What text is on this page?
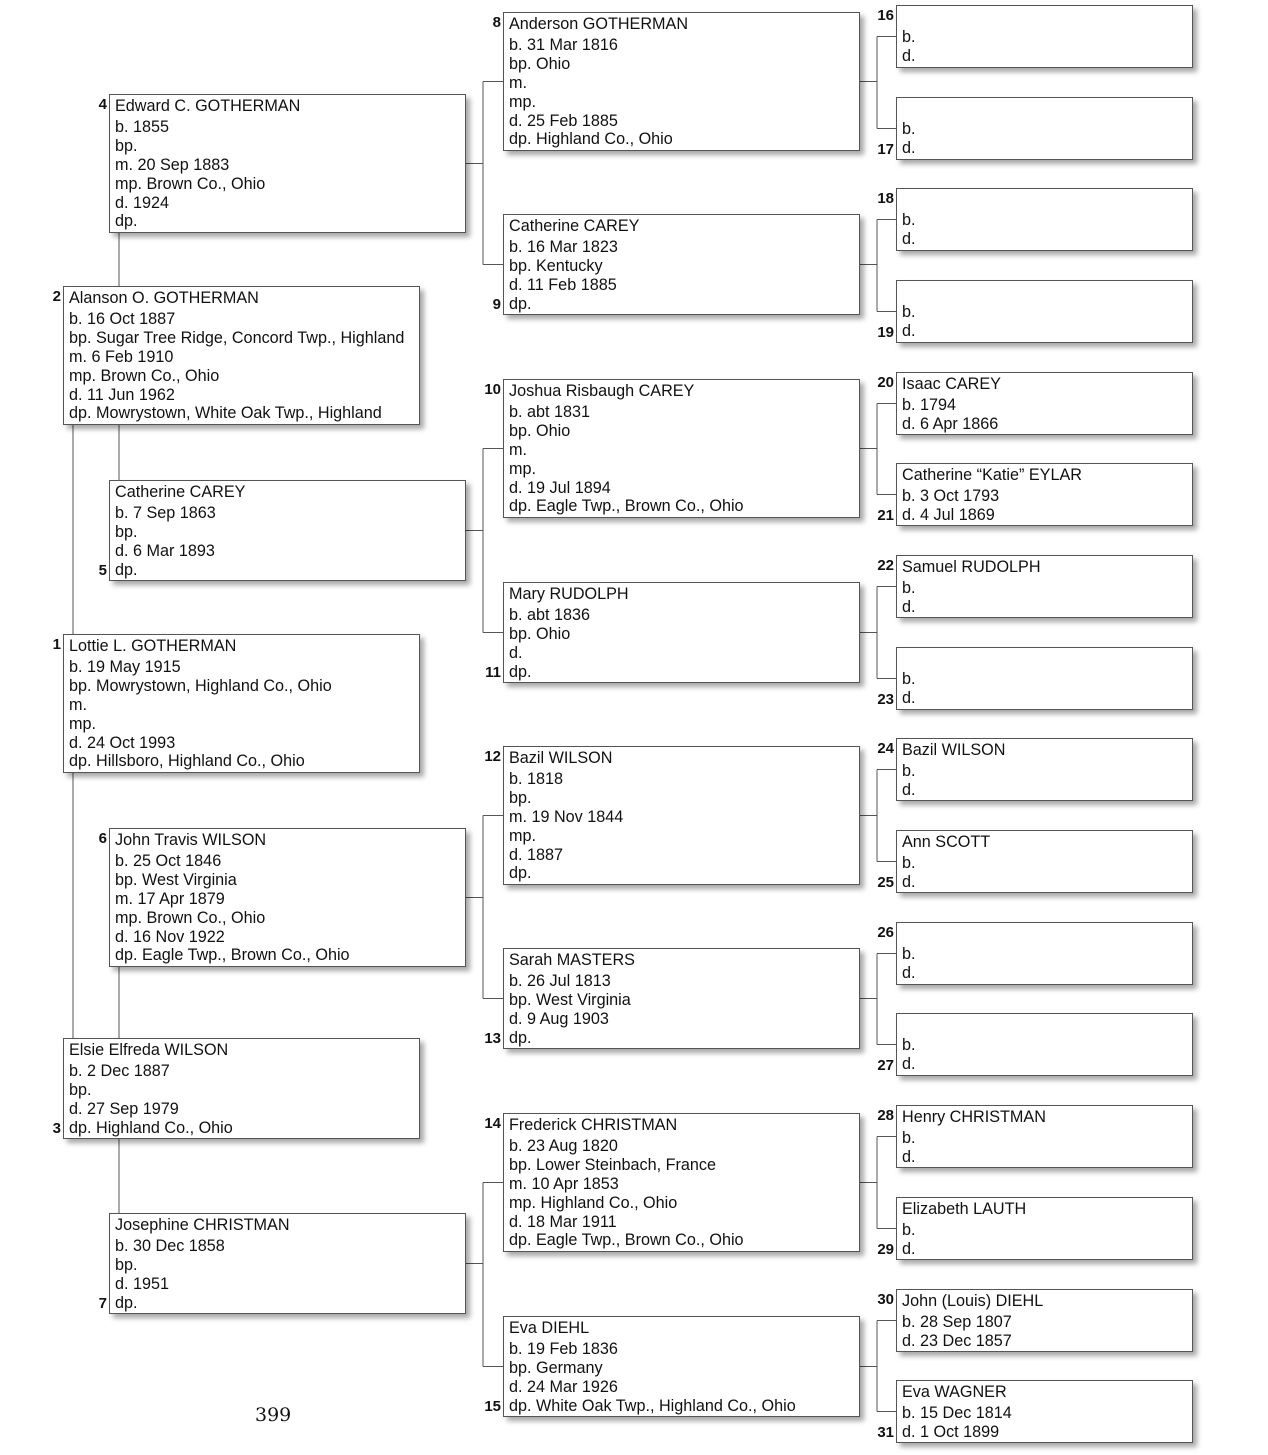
Lottie L. GOTHERMAN
b. 19 May 1915
bp. Mowrystown, Highland Co., Ohio
m.
mp.
d. 24 Oct 1993
dp. Hillsboro, Highland Co., Ohio
1
Alanson O. GOTHERMAN
b. 16 Oct 1887
bp. Sugar Tree Ridge, Concord Twp., Highland
m. 6 Feb 1910
mp. Brown Co., Ohio
d. 11 Jun 1962
dp. Mowrystown, White Oak Twp., Highland
2
Elsie Elfreda WILSON
b. 2 Dec 1887
bp.
d. 27 Sep 1979
dp. Highland Co., Ohio
3
Edward C. GOTHERMAN
b. 1855
bp.
m. 20 Sep 1883
mp. Brown Co., Ohio
d. 1924
dp.
4
Catherine CAREY
b. 7 Sep 1863
bp.
d. 6 Mar 1893
dp.
5
John Travis WILSON
b. 25 Oct 1846
bp. West Virginia
m. 17 Apr 1879
mp. Brown Co., Ohio
d. 16 Nov 1922
dp. Eagle Twp., Brown Co., Ohio
6
Josephine CHRISTMAN
b. 30 Dec 1858
bp.
d. 1951
dp.
7
Anderson GOTHERMAN
b. 31 Mar 1816
bp. Ohio
m.
mp.
d. 25 Feb 1885
dp. Highland Co., Ohio
8
Catherine CAREY
b. 16 Mar 1823
bp. Kentucky
d. 11 Feb 1885
dp.
9
Joshua Risbaugh CAREY
b. abt 1831
bp. Ohio
m.
mp.
d. 19 Jul 1894
dp. Eagle Twp., Brown Co., Ohio
10
Mary RUDOLPH
b. abt 1836
bp. Ohio
d.
dp.
11
Bazil WILSON
b. 1818
bp.
m. 19 Nov 1844
mp.
d. 1887
dp.
12
Sarah MASTERS
b. 26 Jul 1813
bp. West Virginia
d. 9 Aug 1903
dp.
13
Frederick CHRISTMAN
b. 23 Aug 1820
bp. Lower Steinbach, France
m. 10 Apr 1853
mp. Highland Co., Ohio
d. 18 Mar 1911
dp. Eagle Twp., Brown Co., Ohio
14
Eva DIEHL
b. 19 Feb 1836
bp. Germany
d. 24 Mar 1926
dp. White Oak Twp., Highland Co., Ohio
15
b.
d.
16
b.
d.
17
b.
d.
18
b.
d.
19
Isaac CAREY
b. 1794
d. 6 Apr 1866
20
Catherine “Katie” EYLAR
b. 3 Oct 1793
d. 4 Jul 1869
21
Samuel RUDOLPH
b.
d.
22
b.
d.
23
Bazil WILSON
b.
d.
24
Ann SCOTT
b.
d.
25
b.
d.
26
b.
d.
27
Henry CHRISTMAN
b.
d.
28
Elizabeth LAUTH
b.
d.
29
John (Louis) DIEHL
b. 28 Sep 1807
d. 23 Dec 1857
30
Eva WAGNER
b. 15 Dec 1814
d. 1 Oct 1899
31
399
